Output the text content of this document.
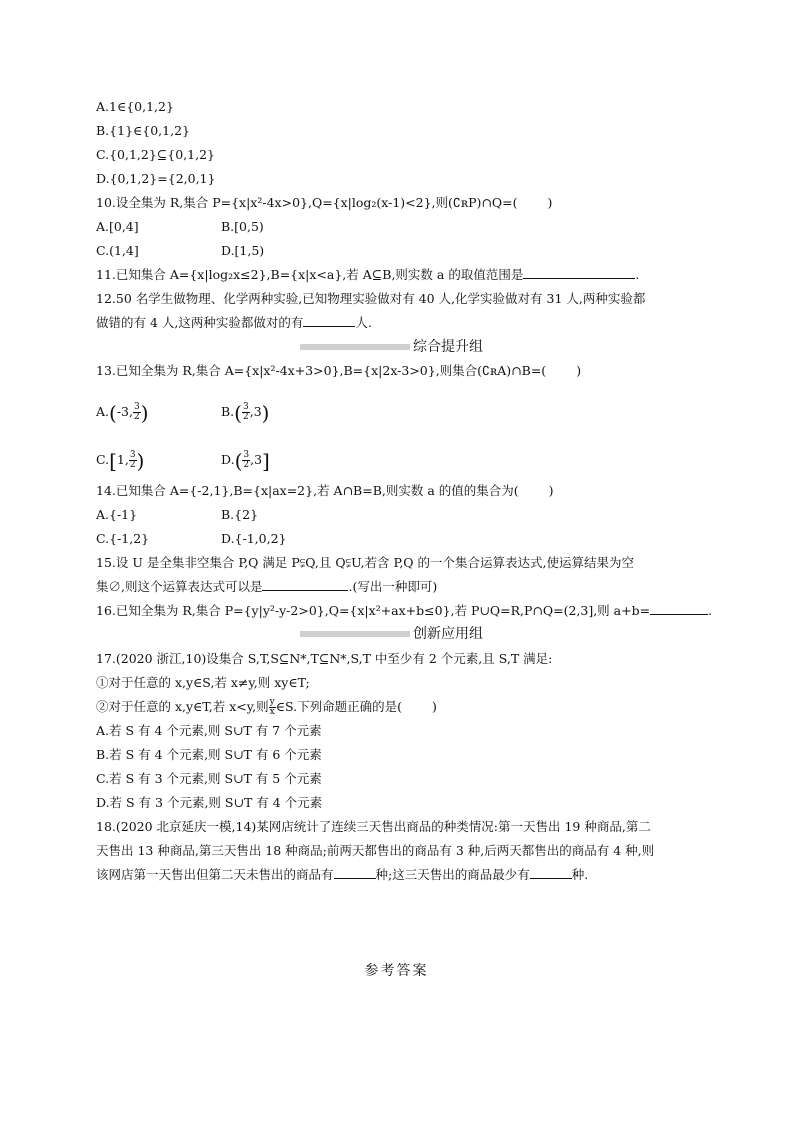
A.1∈{0,1,2}
B.{1}∈{0,1,2}
C.{0,1,2}⊆{0,1,2}
D.{0,1,2}={2,0,1}
10.设全集为 R,集合 P={x|x²-4x>0},Q={x|log₂(x-1)<2},则(∁ʀP)∩Q=( )
A.[0,4]	B.[0,5)
C.(1,4]	D.[1,5)
11.已知集合 A={x|log₂x≤2},B={x|x<a},若 A⊆B,则实数 a 的取值范围是	.
12.50 名学生做物理、化学两种实验,已知物理实验做对有 40 人,化学实验做对有 31 人,两种实验都
做错的有 4 人,这两种实验都做对的有	人.
综合提升组
13.已知全集为 R,集合 A={x|x²-4x+3>0},B={x|2x-3>0},则集合(∁ʀA)∩B=( )
A.(-3, $\frac{3}{2}$ )	$B.( \frac{3}{2} ,3)$
C.[1, $\frac{3}{2}$ )	$D.( \frac{3}{2} ,3]$
14.已知集合 A={-2,1},B={x|ax=2},若 A∩B=B,则实数 a 的值的集合为( )
A.{-1}	B.{2}
C.{-1,2}	D.{-1,0,2}
15.设 U 是全集非空集合 P,Q 满足 P⫋Q,且 Q⫋U,若含 P,Q 的一个集合运算表达式,使运算结果为空
集∅,则这个运算表达式可以是	.(写出一种即可)
16.已知全集为 R,集合 P={y|y²-y-2>0},Q={x|x²+ax+b≤0},若 P∪Q=R,P∩Q=(2,3],则 a+b=	.
创新应用组
17.(2020 浙江,10)设集合 S,T,S⊆N*,T⊆N*,S,T 中至少有 2 个元素,且 S,T 满足:
①对于任意的 x,y∈S,若 x≠y,则 xy∈T;
②对于任意的 x,y∈T,若 x<y,则 $\frac{y}{x}$ ∈S.下列命题正确的是( )
A.若 S 有 4 个元素,则 S∪T 有 7 个元素
B.若 S 有 4 个元素,则 S∪T 有 6 个元素
C.若 S 有 3 个元素,则 S∪T 有 5 个元素
D.若 S 有 3 个元素,则 S∪T 有 4 个元素
18.(2020 北京延庆一模,14)某网店统计了连续三天售出商品的种类情况:第一天售出 19 种商品,第二
天售出 13 种商品,第三天售出 18 种商品;前两天都售出的商品有 3 种,后两天都售出的商品有 4 种,则
该网店第一天售出但第二天未售出的商品有	种;这三天售出的商品最少有	种.
参考答案
